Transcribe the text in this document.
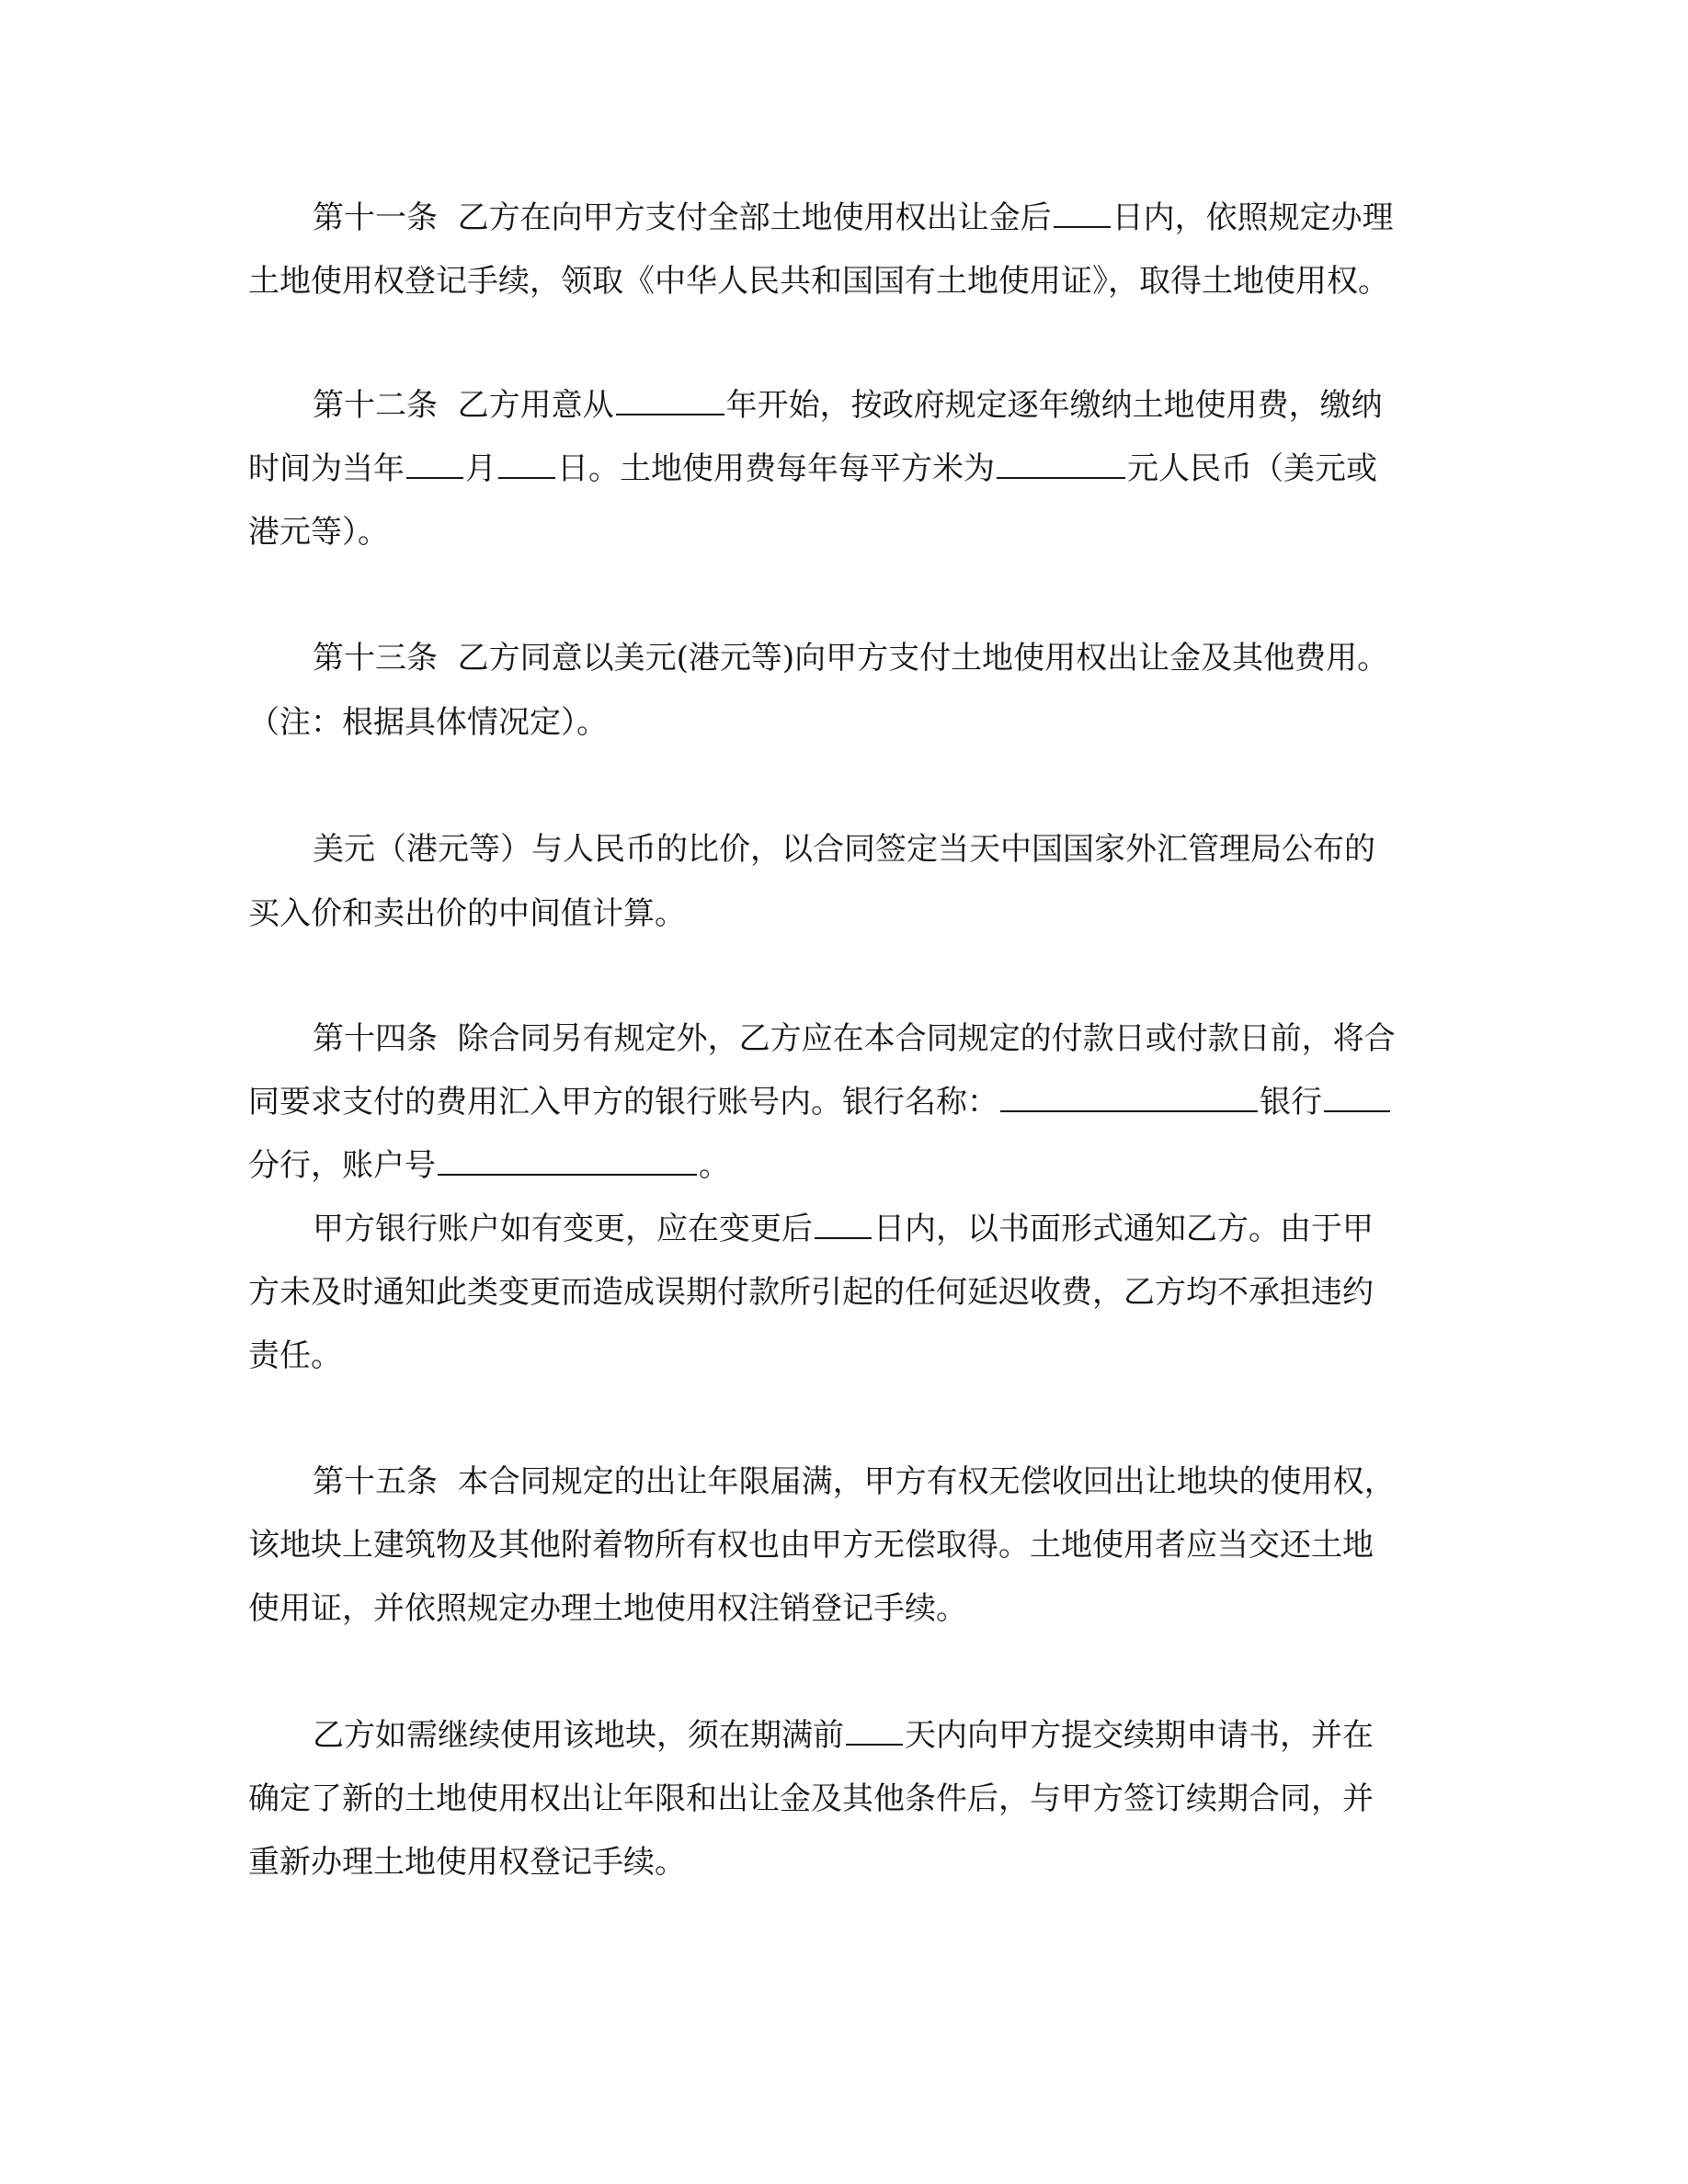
第十一条  乙方在向甲方支付全部土地使用权出让金后 日内，依照规定办理
土地使用权登记手续，领取《中华人民共和国国有土地使用证》，取得土地使用权。
第十二条  乙方用意从	年开始，按政府规定逐年缴纳土地使用费，缴纳
时间为当年 月 日。土地使用费每年每平方米为	元人民币（美元或
港元等）。
第十三条  乙方同意以美元(港元等)向甲方支付土地使用权出让金及其他费用。
（注：根据具体情况定）。
美元（港元等）与人民币的比价，以合同签定当天中国国家外汇管理局公布的
买入价和卖出价的中间值计算。
第十四条  除合同另有规定外，乙方应在本合同规定的付款日或付款日前，将合
同要求支付的费用汇入甲方的银行账号内。银行名称：	银行
分行，账户号	。
甲方银行账户如有变更，应在变更后 日内，以书面形式通知乙方。由于甲
方未及时通知此类变更而造成误期付款所引起的任何延迟收费，乙方均不承担违约
责任。
第十五条  本合同规定的出让年限届满，甲方有权无偿收回出让地块的使用权，
该地块上建筑物及其他附着物所有权也由甲方无偿取得。土地使用者应当交还土地
使用证，并依照规定办理土地使用权注销登记手续。
乙方如需继续使用该地块，须在期满前 天内向甲方提交续期申请书，并在
确定了新的土地使用权出让年限和出让金及其他条件后，与甲方签订续期合同，并
重新办理土地使用权登记手续。
